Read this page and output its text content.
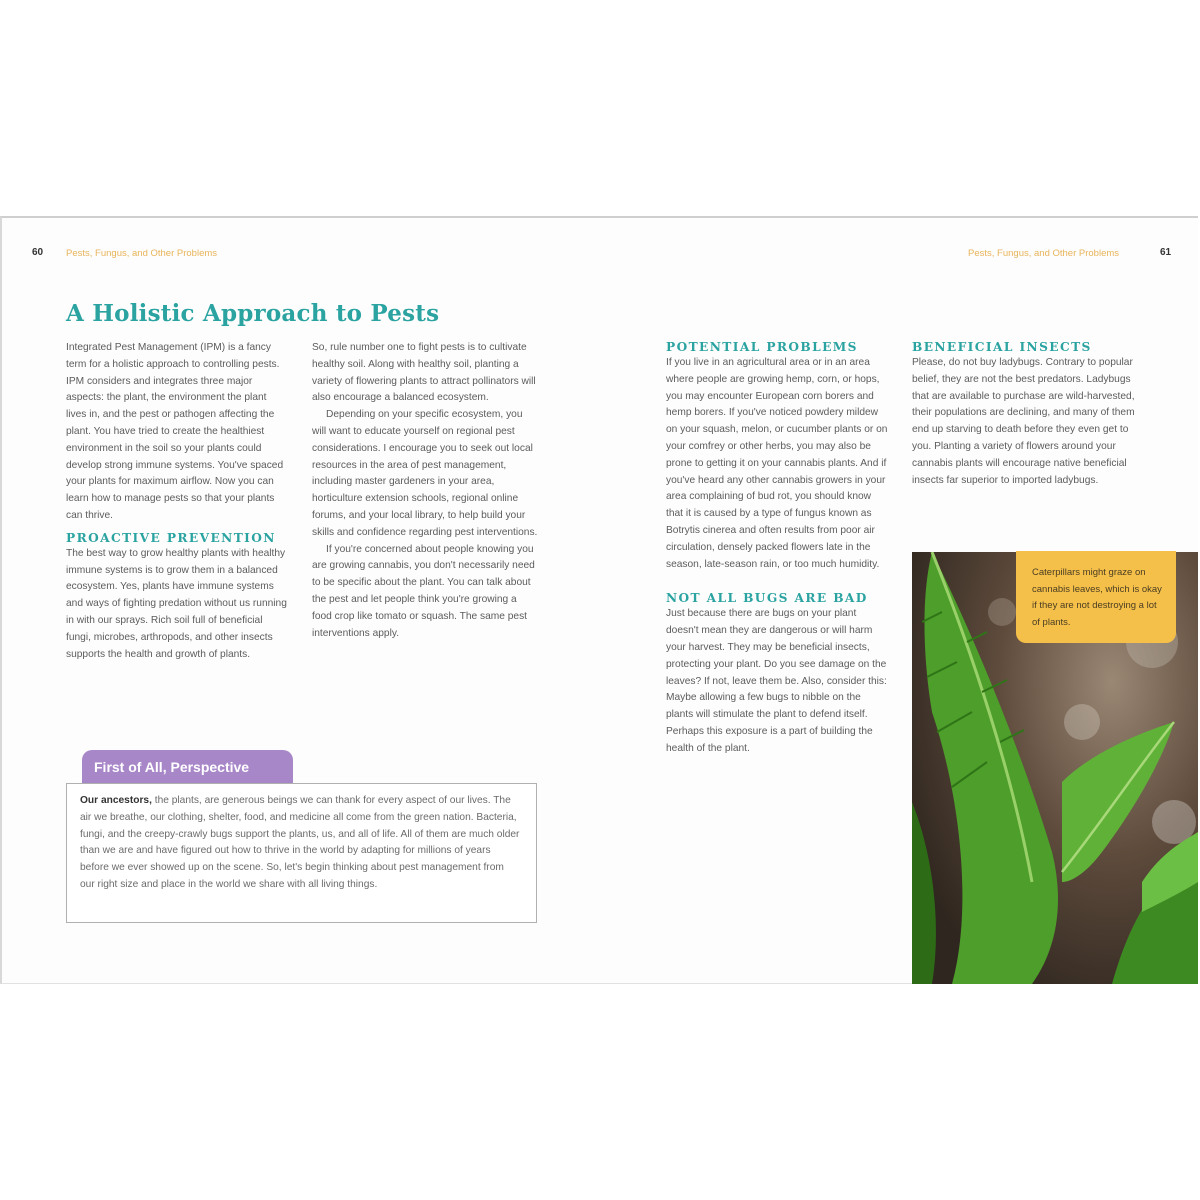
60 Pests, Fungus, and Other Problems	Pests, Fungus, and Other Problems	61
A Holistic Approach to Pests

Integrated Pest Management (IPM) is a fancy term for a holistic approach to controlling pests. IPM considers and integrates three major aspects: the plant, the environment the plant lives in, and the pest or pathogen affecting the plant. You have tried to create the healthiest environment in the soil so your plants could develop strong immune systems. You've spaced your plants for maximum airflow. Now you can learn how to manage pests so that your plants can thrive.

PROACTIVE PREVENTION

The best way to grow healthy plants with healthy immune systems is to grow them in a balanced ecosystem. Yes, plants have immune systems and ways of fighting predation without us running in with our sprays. Rich soil full of beneficial fungi, microbes, arthropods, and other insects supports the health and growth of plants.

So, rule number one to fight pests is to cultivate healthy soil. Along with healthy soil, planting a variety of flowering plants to attract pollinators will also encourage a balanced ecosystem.

Depending on your specific ecosystem, you will want to educate yourself on regional pest considerations. I encourage you to seek out local resources in the area of pest management, including master gardeners in your area, horticulture extension schools, regional online forums, and your local library, to help build your skills and confidence regarding pest interventions.

If you're concerned about people knowing you are growing cannabis, you don't necessarily need to be specific about the plant. You can talk about the pest and let people think you're growing a food crop like tomato or squash. The same pest interventions apply.

First of All, Perspective
Our ancestors, the plants, are generous beings we can thank for every aspect of our lives. The air we breathe, our clothing, shelter, food, and medicine all come from the green nation. Bacteria, fungi, and the creepy-crawly bugs support the plants, us, and all of life. All of them are much older than we are and have figured out how to thrive in the world by adapting for millions of years before we ever showed up on the scene. So, let's begin thinking about pest management from our right size and place in the world we share with all living things.
POTENTIAL PROBLEMS

If you live in an agricultural area or in an area where people are growing hemp, corn, or hops, you may encounter European corn borers and hemp borers. If you've noticed powdery mildew on your squash, melon, or cucumber plants or on your comfrey or other herbs, you may also be prone to getting it on your cannabis plants. And if you've heard any other cannabis growers in your area complaining of bud rot, you should know that it is caused by a type of fungus known as Botrytis cinerea and often results from poor air circulation, densely packed flowers late in the season, late-season rain, or too much humidity.

NOT ALL BUGS ARE BAD

Just because there are bugs on your plant doesn't mean they are dangerous or will harm your harvest. They may be beneficial insects, protecting your plant. Do you see damage on the leaves? If not, leave them be. Also, consider this: Maybe allowing a few bugs to nibble on the plants will stimulate the plant to defend itself. Perhaps this exposure is a part of building the health of the plant.

BENEFICIAL INSECTS

Please, do not buy ladybugs. Contrary to popular belief, they are not the best predators. Ladybugs that are available to purchase are wild-harvested, their populations are declining, and many of them end up starving to death before they even get to you. Planting a variety of flowers around your cannabis plants will encourage native beneficial insects far superior to imported ladybugs.

Caterpillars might graze on cannabis leaves, which is okay if they are not destroying a lot of plants.
